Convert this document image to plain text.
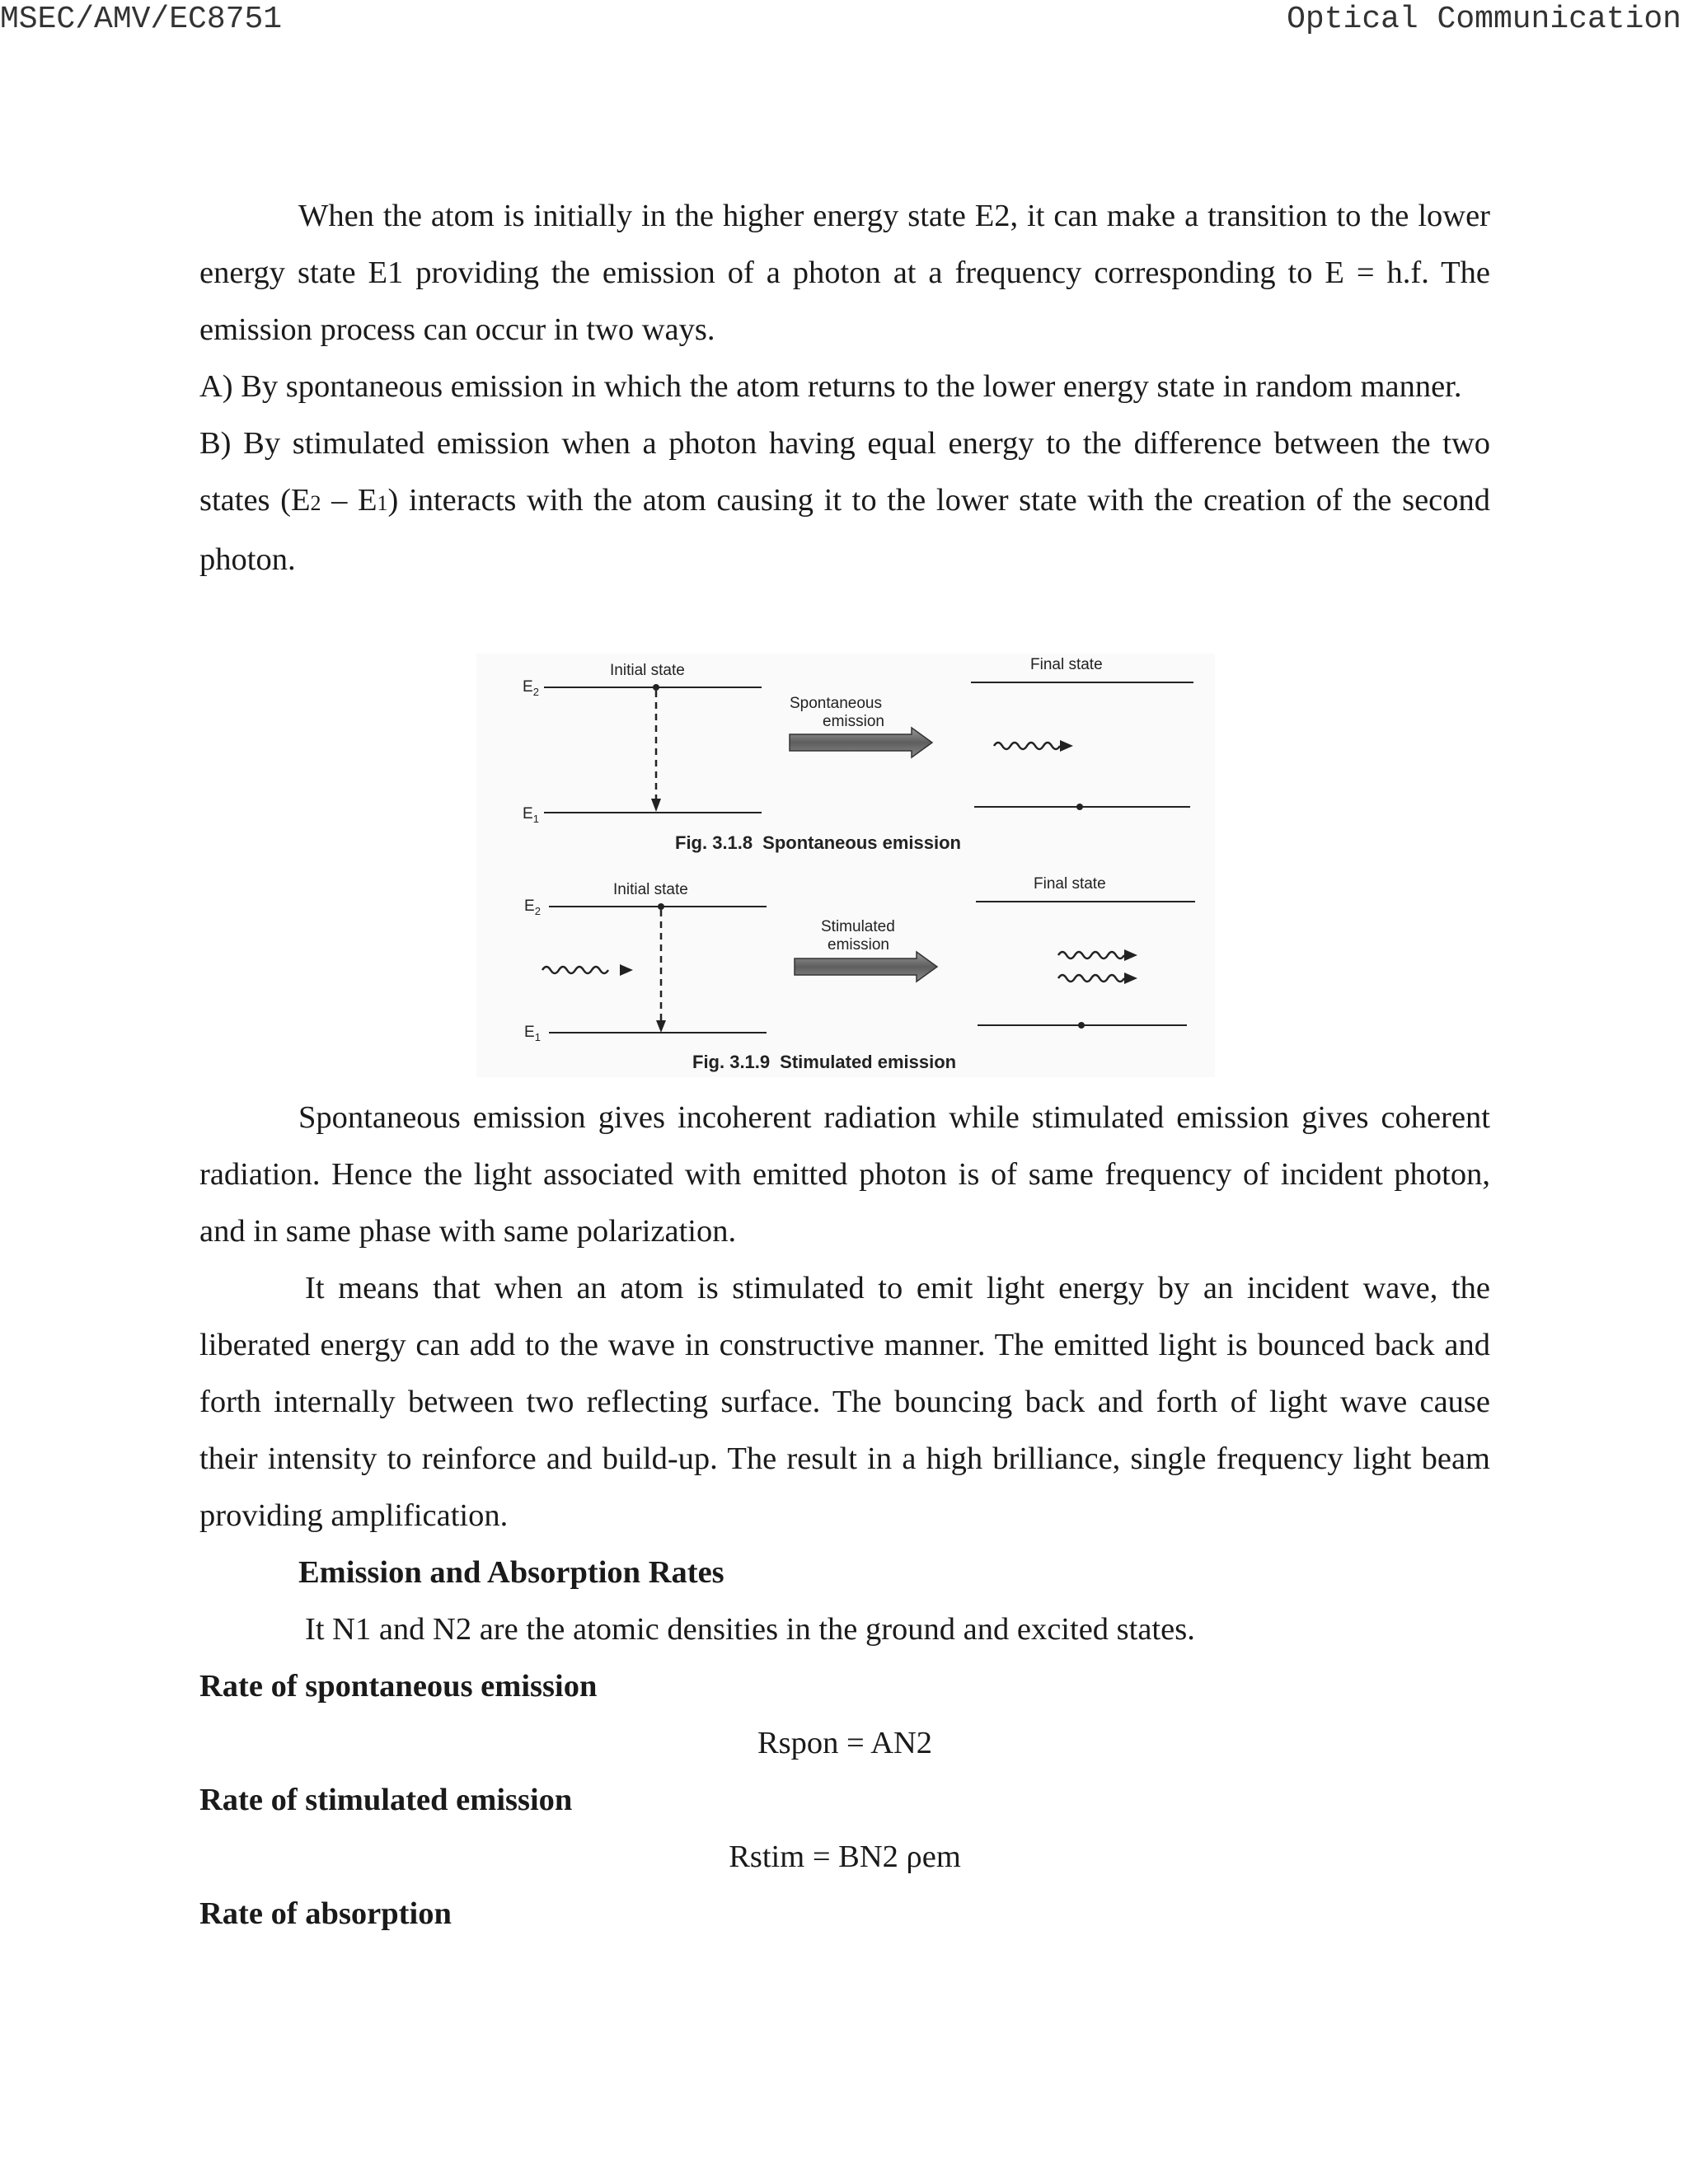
MSEC/AMV/EC8751	Optical Communication

When the atom is initially in the higher energy state E2, it can make a transition to the lower energy state E1 providing the emission of a photon at a frequency corresponding to E = h.f. The emission process can occur in two ways.

A) By spontaneous emission in which the atom returns to the lower energy state in random manner.

B) By stimulated emission when a photon having equal energy to the difference between the two states (E2 – E1) interacts with the atom causing it to the lower state with the creation of the second photon.

Initial state	Final state
$E_2$
$E_1$
Spontaneous
emission
Fig. 3.1.8 Spontaneous emission
Initial state	Final state
$E_2$
$E_1$
Stimulated
emission
Fig. 3.1.9 Stimulated emission

Spontaneous emission gives incoherent radiation while stimulated emission gives coherent radiation. Hence the light associated with emitted photon is of same frequency of incident photon, and in same phase with same polarization.

It means that when an atom is stimulated to emit light energy by an incident wave, the liberated energy can add to the wave in constructive manner. The emitted light is bounced back and forth internally between two reflecting surface. The bouncing back and forth of light wave cause their intensity to reinforce and build-up. The result in a high brilliance, single frequency light beam providing amplification.

Emission and Absorption Rates

It N1 and N2 are the atomic densities in the ground and excited states.

Rate of spontaneous emission

Rspon = AN2

Rate of stimulated emission

Rstim = BN2 ρem

Rate of absorption
